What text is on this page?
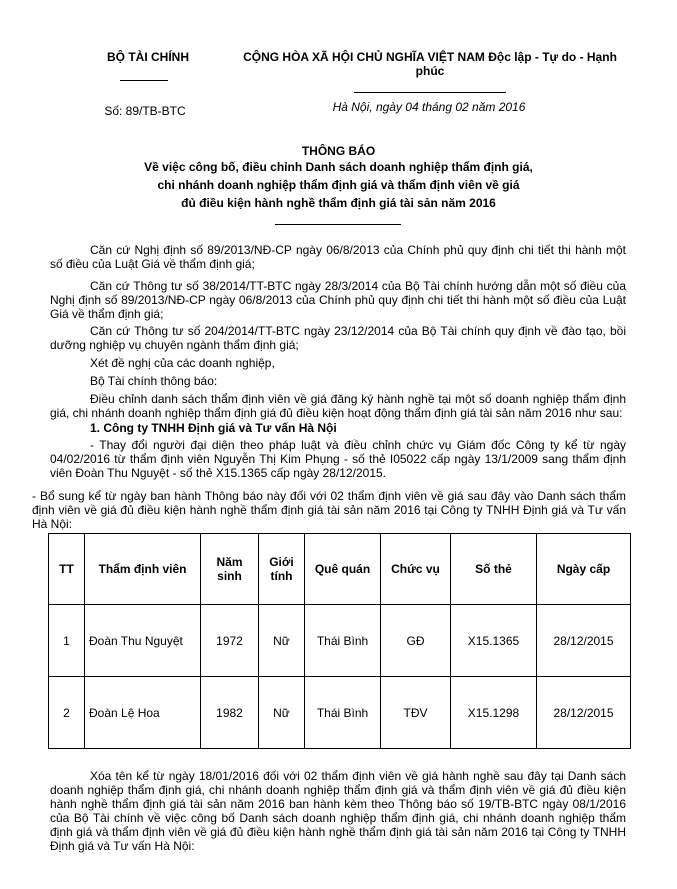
BỘ TÀI CHÍNH
Số: 89/TB-BTC
CỘNG HÒA XÃ HỘI CHỦ NGHĨA VIỆT NAM Độc lập - Tự do - Hạnh phúc
Hà Nội, ngày 04 tháng 02 năm 2016
THÔNG BÁO
Về việc công bố, điều chỉnh Danh sách doanh nghiệp thẩm định giá,
chi nhánh doanh nghiệp thẩm định giá và thẩm định viên về giá
đủ điều kiện hành nghề thẩm định giá tài sản năm 2016

Căn cứ Nghị định số 89/2013/NĐ-CP ngày 06/8/2013 của Chính phủ quy định chi tiết thi hành một số điều của Luật Giá về thẩm định giá;

Căn cứ Thông tư số 38/2014/TT-BTC ngày 28/3/2014 của Bộ Tài chính hướng dẫn một số điều của Nghị định số 89/2013/NĐ-CP ngày 06/8/2013 của Chính phủ quy định chi tiết thi hành một số điều của Luật Giá về thẩm định giá;

Căn cứ Thông tư số 204/2014/TT-BTC ngày 23/12/2014 của Bộ Tài chính quy định về đào tạo, bồi dưỡng nghiệp vụ chuyên ngành thẩm định giá;

Xét đề nghị của các doanh nghiệp,

Bộ Tài chính thông báo:

Điều chỉnh danh sách thẩm định viên về giá đăng ký hành nghề tại một số doanh nghiệp thẩm định giá, chi nhánh doanh nghiệp thẩm định giá đủ điều kiện hoạt động thẩm định giá tài sản năm 2016 như sau:

1. Công ty TNHH Định giá và Tư vấn Hà Nội

- Thay đổi người đại diện theo pháp luật và điều chỉnh chức vụ Giám đốc Công ty kể từ ngày 04/02/2016 từ thẩm định viên Nguyễn Thị Kim Phụng - số thẻ I05022 cấp ngày 13/1/2009 sang thẩm định viên Đoàn Thu Nguyệt - số thẻ X15.1365 cấp ngày 28/12/2015.

- Bổ sung kể từ ngày ban hành Thông báo này đối với 02 thẩm định viên về giá sau đây vào Danh sách thẩm định viên về giá đủ điều kiện hành nghề thẩm định giá tài sản năm 2016 tại Công ty TNHH Định giá và Tư vấn Hà Nội:

TT	Thẩm định viên	Năm sinh	Giới tính	Quê quán	Chức vụ	Số thẻ	Ngày cấp
1	Đoàn Thu Nguyệt	1972	Nữ	Thái Bình	GĐ	X15.1365	28/12/2015
2	Đoàn Lệ Hoa	1982	Nữ	Thái Bình	TĐV	X15.1298	28/12/2015

Xóa tên kể từ ngày 18/01/2016 đối với 02 thẩm định viên về giá hành nghề sau đây tại Danh sách doanh nghiệp thẩm định giá, chi nhánh doanh nghiệp thẩm định giá và thẩm định viên về giá đủ điều kiện hành nghề thẩm định giá tài sản năm 2016 ban hành kèm theo Thông báo số 19/TB-BTC ngày 08/1/2016 của Bộ Tài chính về việc công bố Danh sách doanh nghiệp thẩm định giá, chi nhánh doanh nghiệp thẩm định giá và thẩm định viên về giá đủ điều kiện hành nghề thẩm định giá tài sản năm 2016 tại Công ty TNHH Định giá và Tư vấn Hà Nội:
